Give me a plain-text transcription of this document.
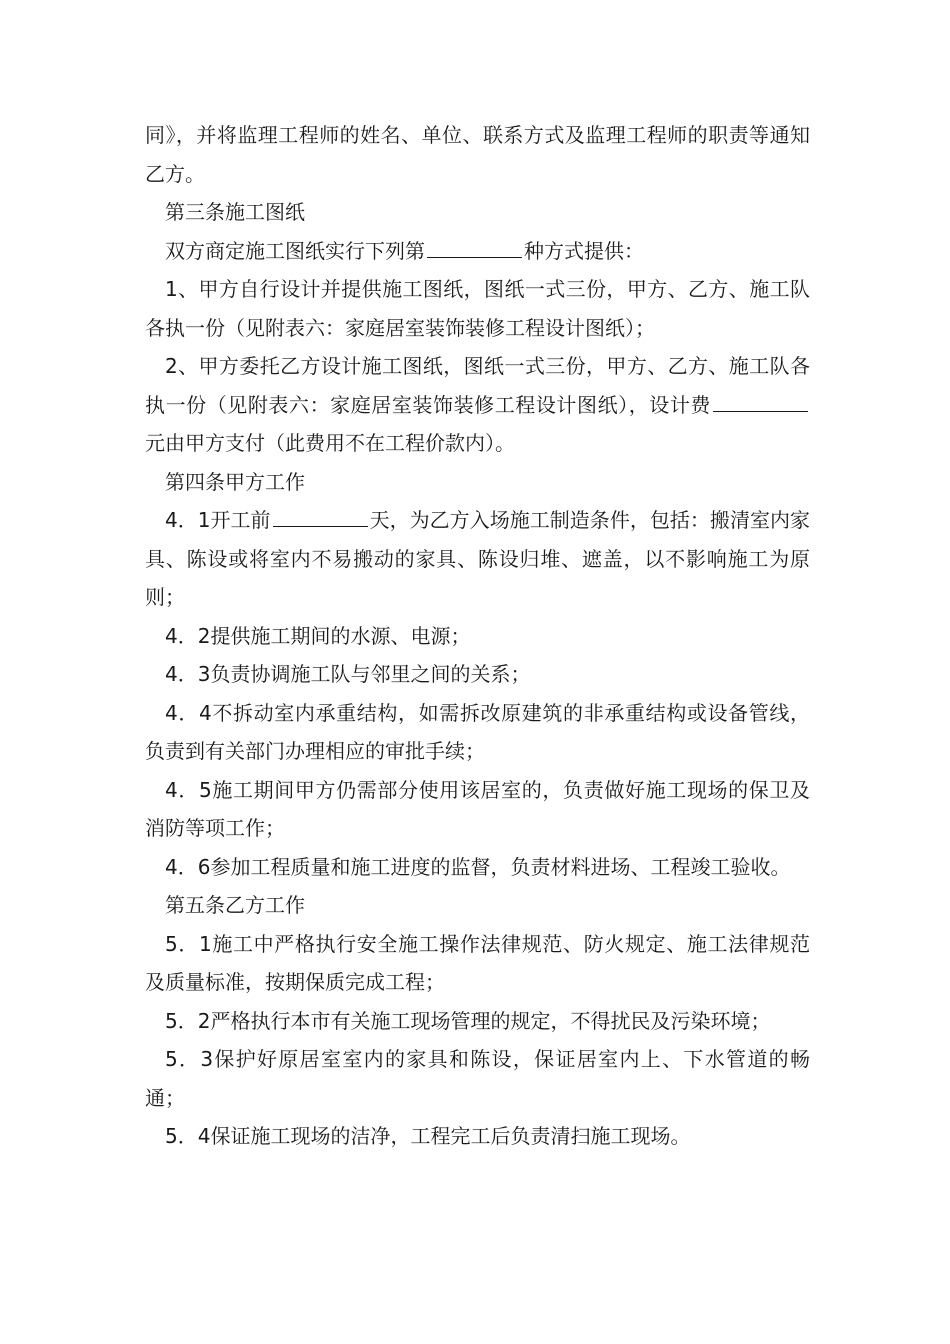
同》，并将监理工程师的姓名、单位、联系方式及监理工程师的职责等通知乙方。

第三条施工图纸

双方商定施工图纸实行下列第	种方式提供：

1、甲方自行设计并提供施工图纸，图纸一式三份，甲方、乙方、施工队各执一份（见附表六：家庭居室装饰装修工程设计图纸）；

2、甲方委托乙方设计施工图纸，图纸一式三份，甲方、乙方、施工队各执一份（见附表六：家庭居室装饰装修工程设计图纸），设计费元由甲方支付（此费用不在工程价款内）。

第四条甲方工作

4．1开工前	天，为乙方入场施工制造条件，包括：搬清室内家具、陈设或将室内不易搬动的家具、陈设归堆、遮盖，以不影响施工为原则；

4．2提供施工期间的水源、电源；

4．3负责协调施工队与邻里之间的关系；

4．4不拆动室内承重结构，如需拆改原建筑的非承重结构或设备管线，负责到有关部门办理相应的审批手续；

4．5施工期间甲方仍需部分使用该居室的，负责做好施工现场的保卫及消防等项工作；

4．6参加工程质量和施工进度的监督，负责材料进场、工程竣工验收。

第五条乙方工作

5．1施工中严格执行安全施工操作法律规范、防火规定、施工法律规范及质量标准，按期保质完成工程；

5．2严格执行本市有关施工现场管理的规定，不得扰民及污染环境；

5．3保护好原居室室内的家具和陈设，保证居室内上、下水管道的畅通；

5．4保证施工现场的洁净，工程完工后负责清扫施工现场。
